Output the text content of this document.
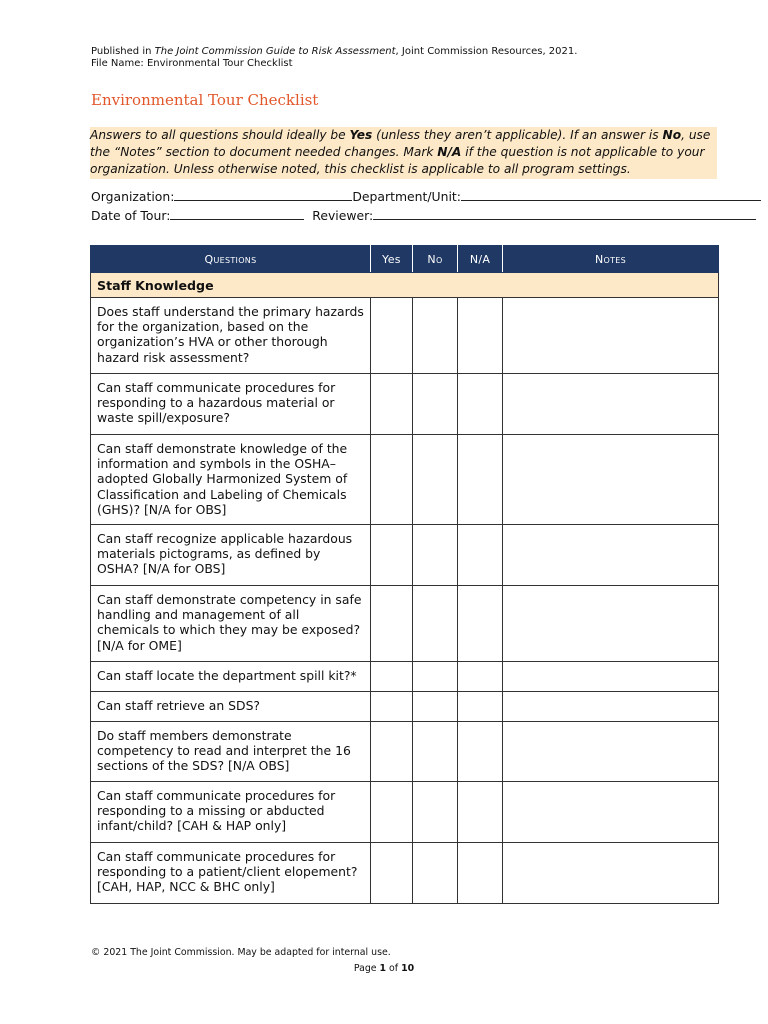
Published in The Joint Commission Guide to Risk Assessment, Joint Commission Resources, 2021.
File Name: Environmental Tour Checklist
Environmental Tour Checklist
Answers to all questions should ideally be Yes (unless they aren’t applicable). If an answer is No, use the “Notes” section to document needed changes. Mark N/A if the question is not applicable to your organization. Unless otherwise noted, this checklist is applicable to all program settings.
Organization:	Department/Unit:
Date of Tour:	Reviewer:
Questions	Yes	No	N/A	Notes
Staff Knowledge				
Does staff understand the primary hazards for the organization, based on the organization’s HVA or other thorough hazard risk assessment?				
Can staff communicate procedures for responding to a hazardous material or waste spill/exposure?				
Can staff demonstrate knowledge of the information and symbols in the OSHA–adopted Globally Harmonized System of Classification and Labeling of Chemicals (GHS)? [N/A for OBS]				
Can staff recognize applicable hazardous materials pictograms, as defined by OSHA? [N/A for OBS]				
Can staff demonstrate competency in safe handling and management of all chemicals to which they may be exposed? [N/A for OME]				
Can staff locate the department spill kit?*				
Can staff retrieve an SDS?				
Do staff members demonstrate competency to read and interpret the 16 sections of the SDS? [N/A OBS]				
Can staff communicate procedures for responding to a missing or abducted infant/child? [CAH & HAP only]				
Can staff communicate procedures for responding to a patient/client elopement? [CAH, HAP, NCC & BHC only]				
© 2021 The Joint Commission. May be adapted for internal use.
Page 1 of 10
